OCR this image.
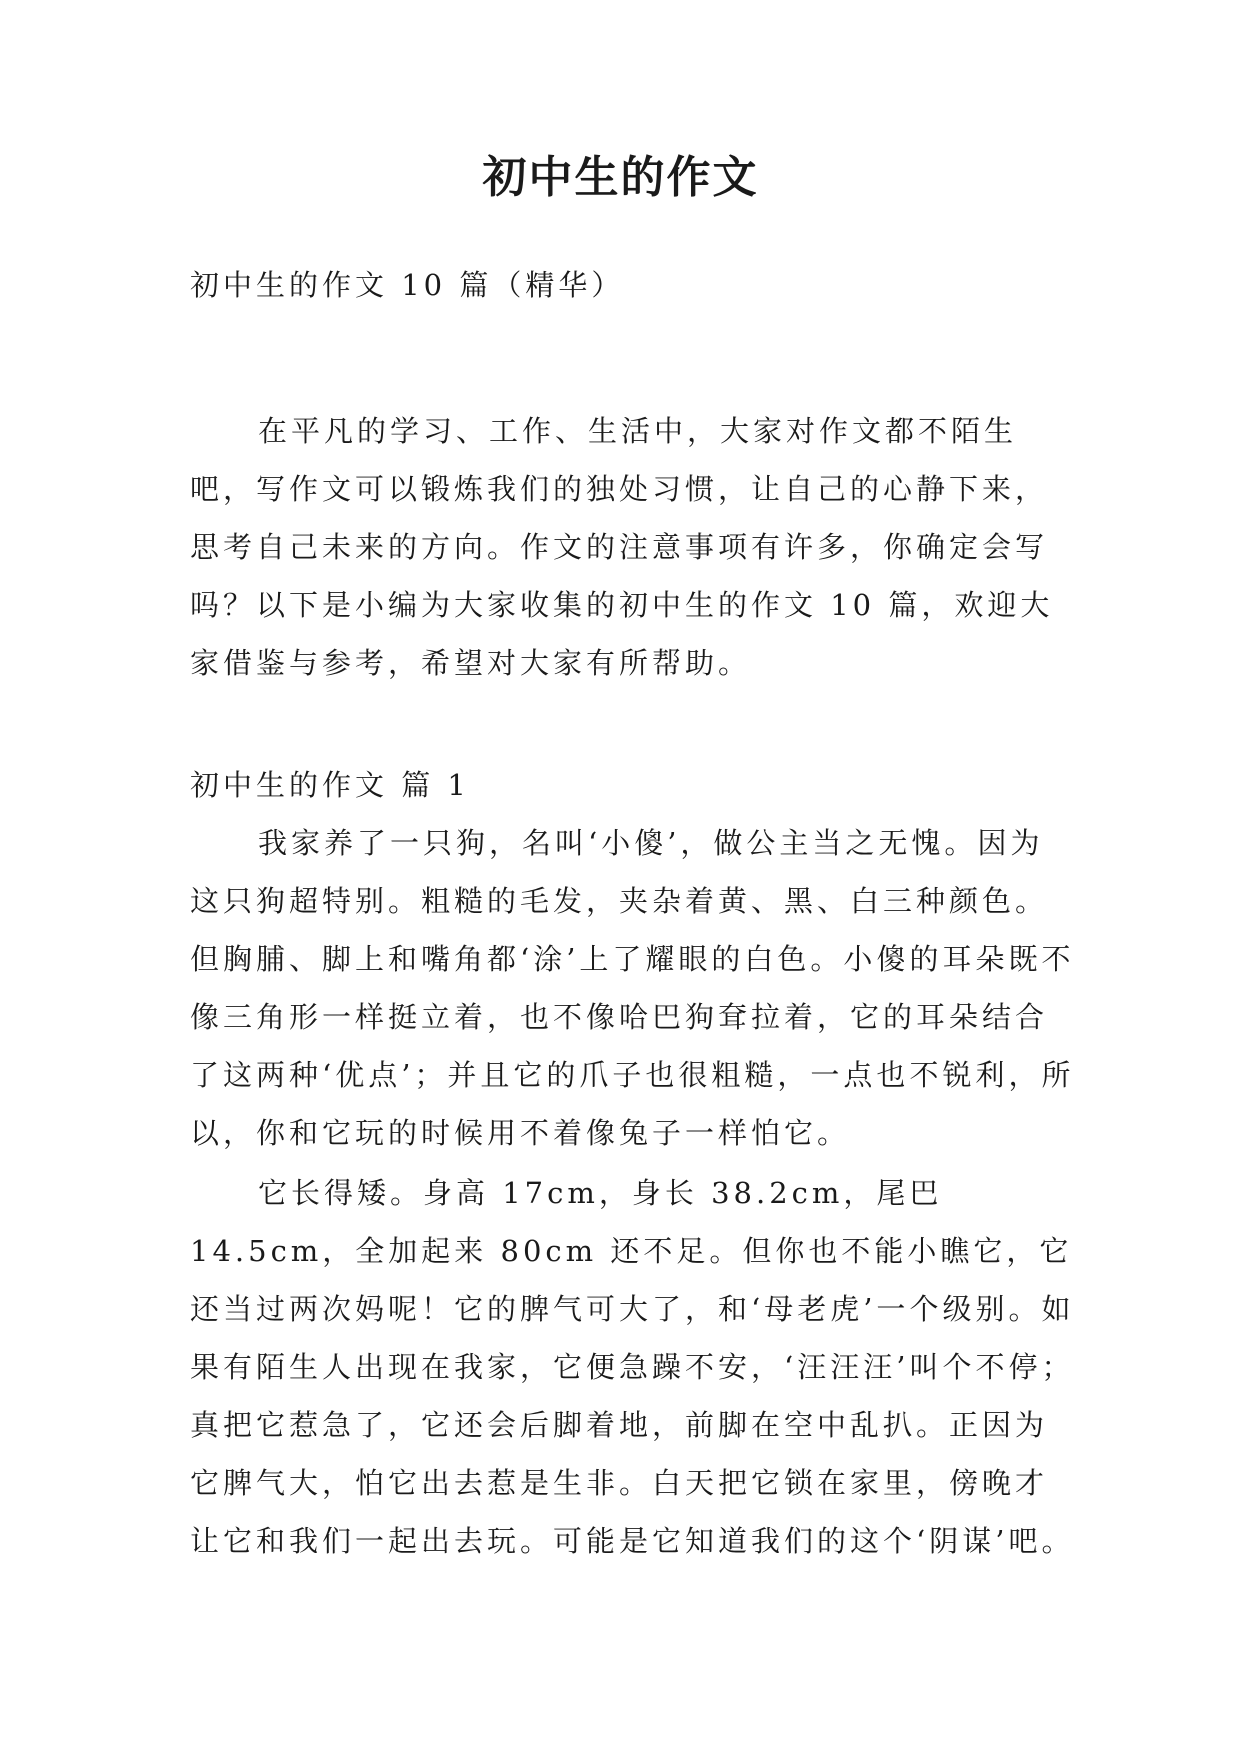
初中生的作文

初中生的作文 10 篇（精华）

在平凡的学习、工作、生活中，大家对作文都不陌生吧，写作文可以锻炼我们的独处习惯，让自己的心静下来，思考自己未来的方向。作文的注意事项有许多，你确定会写吗？以下是小编为大家收集的初中生的作文 10 篇，欢迎大家借鉴与参考，希望对大家有所帮助。

初中生的作文 篇 1

我家养了一只狗，名叫‘小傻’，做公主当之无愧。因为这只狗超特别。粗糙的毛发，夹杂着黄、黑、白三种颜色。但胸脯、脚上和嘴角都‘涂’上了耀眼的白色。小傻的耳朵既不像三角形一样挺立着，也不像哈巴狗耷拉着，它的耳朵结合了这两种‘优点’；并且它的爪子也很粗糙，一点也不锐利，所以，你和它玩的时候用不着像兔子一样怕它。

它长得矮。身高 17cm，身长 38.2cm，尾巴 14.5cm，全加起来 80cm 还不足。但你也不能小瞧它，它还当过两次妈呢！它的脾气可大了，和‘母老虎’一个级别。如果有陌生人出现在我家，它便急躁不安，‘汪汪汪’叫个不停；真把它惹急了，它还会后脚着地，前脚在空中乱扒。正因为它脾气大，怕它出去惹是生非。白天把它锁在家里，傍晚才让它和我们一起出去玩。可能是它知道我们的这个‘阴谋’吧。
